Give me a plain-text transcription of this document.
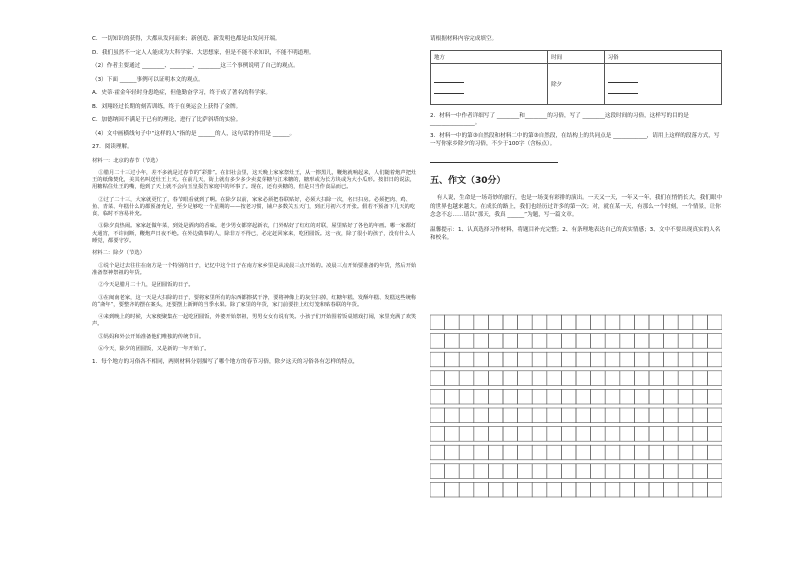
C．一切知识的获得，大都从发问而来；新创造、新发明也都是由发问开端。

D．我们虽然不一定人人能成为大科学家、大思想家，但是不能不求知识，不能不明道理。

（2）作者主要通过 ________、________、________这三个事例说明了自己的观点。

（3）下面 ______事例可以证明本文的观点。

A．史蒂·霍金年轻时身患绝症，但他勤奋学习，终于成了著名的科学家。

B．刘翔经过长期的刻苦训练，终于在奥运会上获得了金牌。

C．加德纳因不满足于已有的理论，进行了比萨斜塔的实验。

（4）文中画横线句子中“这样的人”指的是 ______的人，这句话的作用是 ______。

27．阅读理解。

材料一：北京的春节（节选）

①腊月二十三过小年，差不多就是过春节的“彩排”。在旧社会里，这天晚上家家祭灶王，从一擦黑儿，鞭炮就响起来，人们随着炮声把灶王的纸像焚化，美其名叫送灶王上天。在前几天，街上就有多少多少卖麦芽糖与江米糖的，糖形或为长方块或为大小瓜形。按旧日的说法，用糖粘住灶王的嘴，他到了天上就不会向玉皇报告家庭中的坏事了。现在，还有卖糖的，但是只当作食品而已。

②过了二十三，大家就更忙了，春节眼看就到了啊。在除夕以前，家家必须把春联贴好，必须大扫除一次，名曰扫房。必须把肉、鸡、鱼、青菜、年糕什么的都预备充足，至少足够吃一个星期的——按老习惯，铺户多数关五天门，到正月初六才开张。假若不预备下几天的吃食，临时不容易补充。

③除夕真热闹。家家赶做年菜，到处是酒肉的香味。老少男女都穿起新衣，门外贴好了红红的对联，屋里贴好了各色的年画。哪一家都灯火通宵，不许间断，鞭炮声日夜不绝。在外边做事的人，除非万不得已，必定赶回家来，吃团圆饭。这一夜，除了很小的孩子，没有什么人睡觉，都要守岁。

材料二：除夕（节选）

①说个是过去往往在南方是一个特别的日子，记忆中这个日子在南方家乡里是从凌晨三点开始的。凌晨三点开始要准备的年货，然后开始准备祭神祭祖的年货。

②今天是腊月二十九，是团圆饭的日子。

③在闽南老家，这一天是大扫除的日子，要将家里所有的东西都擦拭干净，要将神像上的灰尘扫掉，红糖年糕、发酥年糕、发糕这些统称的“斋年”，要整齐的摆在案头，还要摆上新鲜的当季水果。除了家里的年货，家门前要挂上红灯笼和贴春联的年货。

④来到晚上的时候，大家便聚集在一起吃团圆饭，外婆开始祭祖，男男女女有说有笑。小孩子们开始围着饭桌嬉戏打闹，家里充满了欢笑声。

⑤妈妈和外公开始准备他们唯独的传统节目。

⑥今天，除夕的团圆饭，又是新的一年开始了。

1．每个地方的习俗各不相同，两则材料分别描写了哪个地方的春节习俗，除夕这天的习俗各有怎样的特点，

请根据材料内容完成填空。

地方	时间	习俗

	除夕	

2．材料一中作者详细写了 ________和________的习俗，写了 ________这段时间的习俗，这样写的目的是 ________________。

3．材料一中的第③自然段和材料二中的第③自然段，在结构上的共同点是 ____________，请用上这样的段落方式，写一写你家乡除夕的习俗，不少于100字（含标点）。

五、作文（30分）

有人说，生命是一场奇妙的旅行，也是一场变有彩排的演出。一天又一天，一年又一年，我们在悄悄长大，我们眼中的世界也越来越大。在成长的路上，我们也经历过许多的第一次；对，就在某一天，有那么一个时刻，一个情景，让你念念不忘……请以“那天，我真 ______”为题，写一篇文章。

温馨提示：1、认真选择习作材料，将题目补充完整；2、有条理地表达自己的真实情感；3、文中不要出现真实的人名和校名。
